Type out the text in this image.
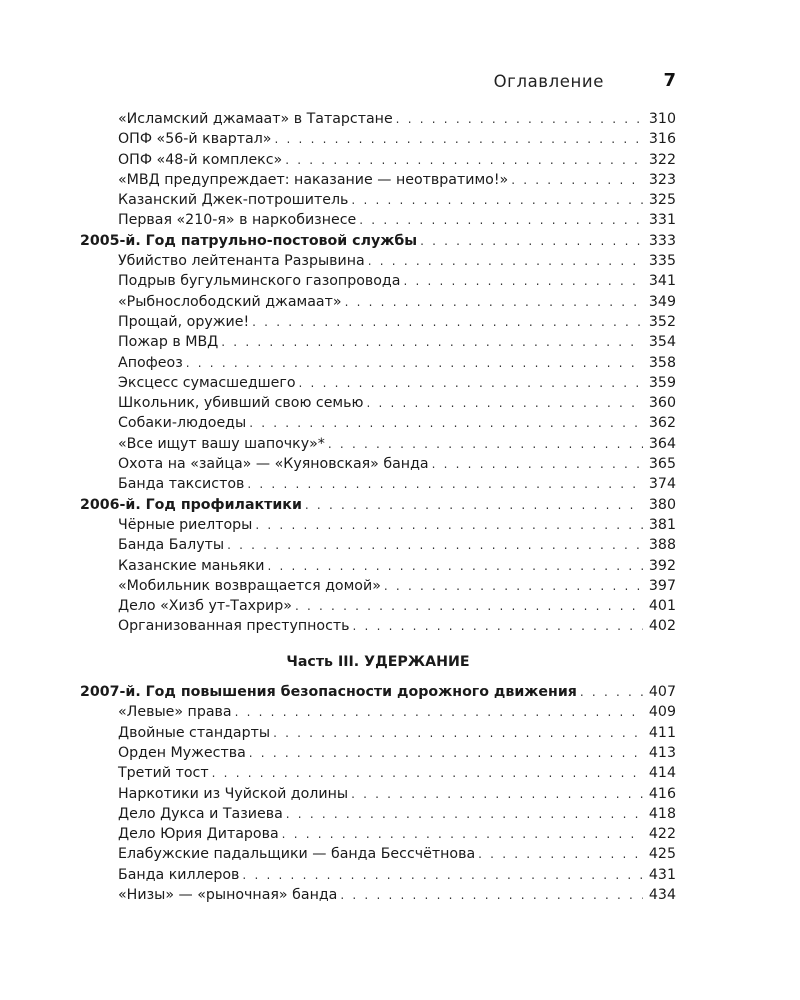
Оглавление	7
«Исламский джамаат» в Татарстане . . .	310
ОПФ «56-й квартал» . . .	316
ОПФ «48-й комплекс» . . .	322
«МВД предупреждает: наказание — неотвратимо!» . . .	323
Казанский Джек-потрошитель . . .	325
Первая «210-я» в наркобизнесе . . .	331
2005-й. Год патрульно-постовой службы . . .	333
Убийство лейтенанта Разрывина . . .	335
Подрыв бугульминского газопровода . . .	341
«Рыбнослободский джамаат» . . .	349
Прощай, оружие! . . .	352
Пожар в МВД . . .	354
Апофеоз . . .	358
Эксцесс сумасшедшего . . .	359
Школьник, убивший свою семью . . .	360
Собаки-людоеды . . .	362
«Все ищут вашу шапочку»* . . .	364
Охота на «зайца» — «Куяновская» банда . . .	365
Банда таксистов . . .	374
2006-й. Год профилактики . . .	380
Чёрные риелторы . . .	381
Банда Балуты . . .	388
Казанские маньяки . . .	392
«Мобильник возвращается домой» . . .	397
Дело «Хизб ут-Тахрир» . . .	401
Организованная преступность . . .	402
Часть III. УДЕРЖАНИЕ
2007-й. Год повышения безопасности дорожного движения . . .	407
«Левые» права . . .	409
Двойные стандарты . . .	411
Орден Мужества . . .	413
Третий тост . . .	414
Наркотики из Чуйской долины . . .	416
Дело Дукса и Тазиева . . .	418
Дело Юрия Дитарова . . .	422
Елабужские падальщики — банда Бессчётнова . . .	425
Банда киллеров . . .	431
«Низы» — «рыночная» банда . . .	434
